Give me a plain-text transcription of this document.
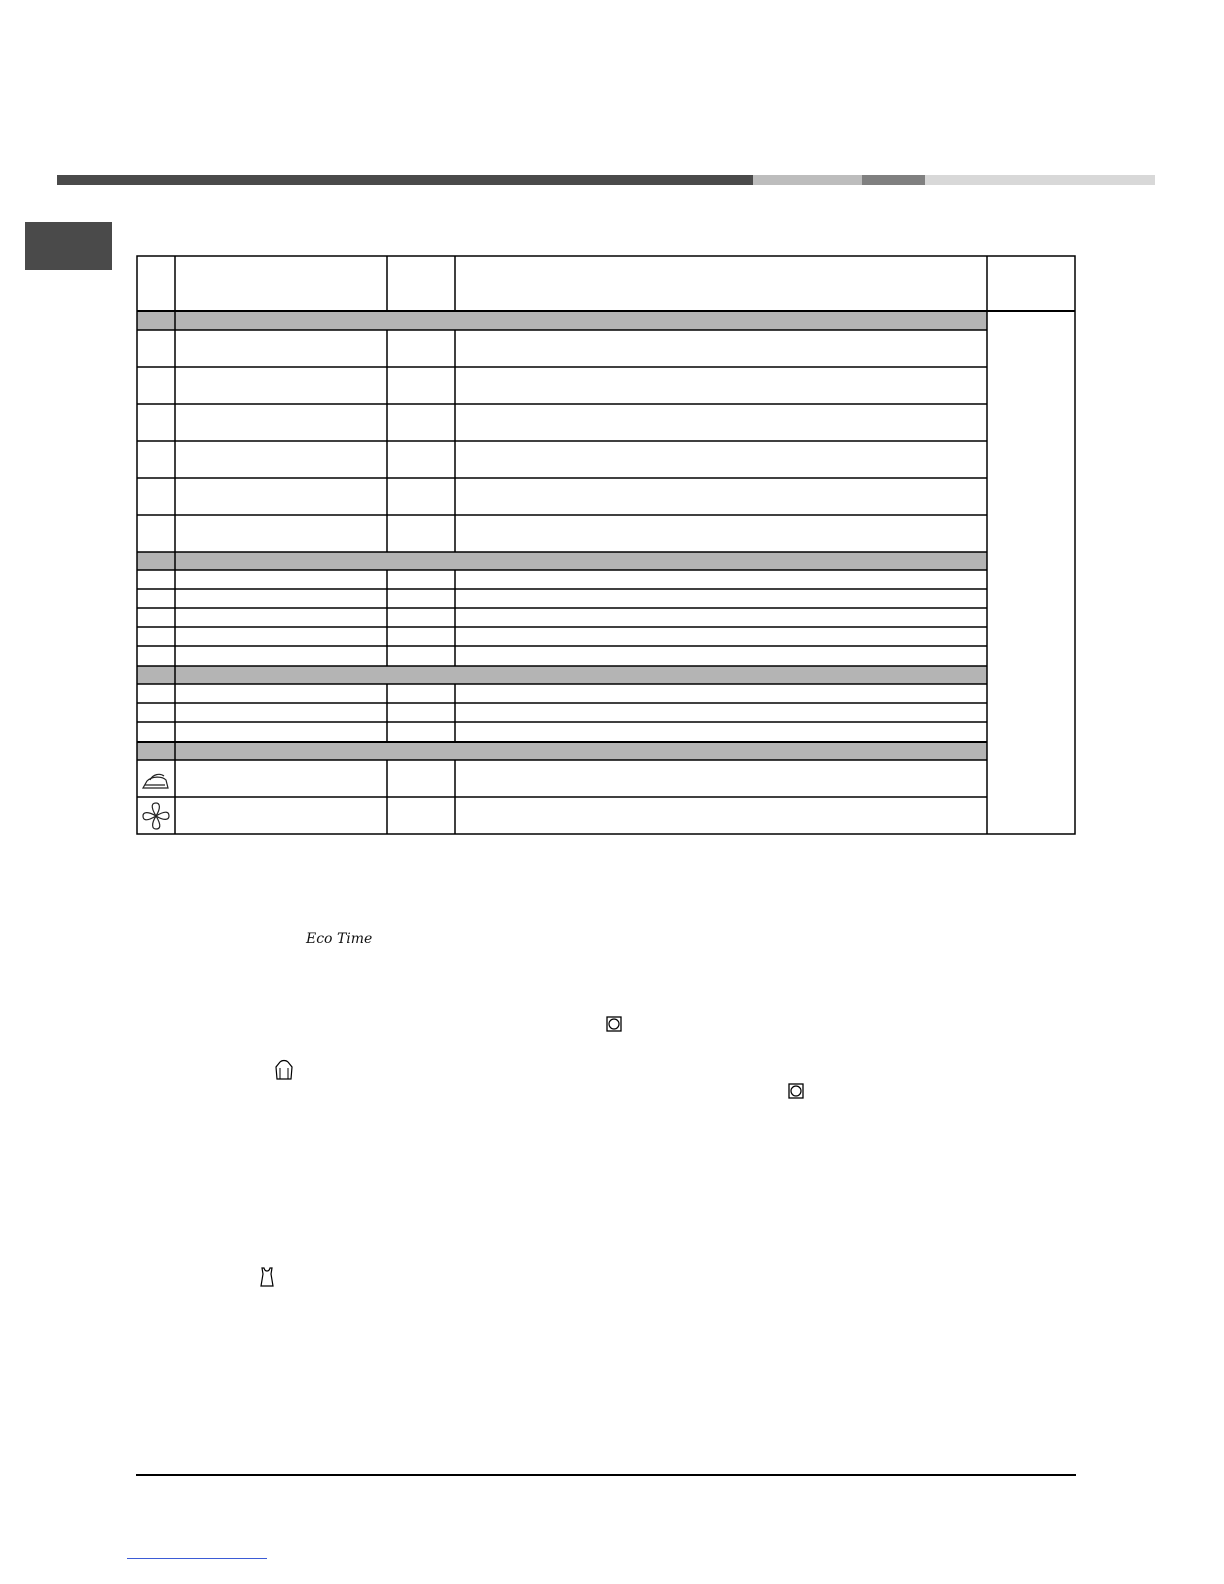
Eco Time
